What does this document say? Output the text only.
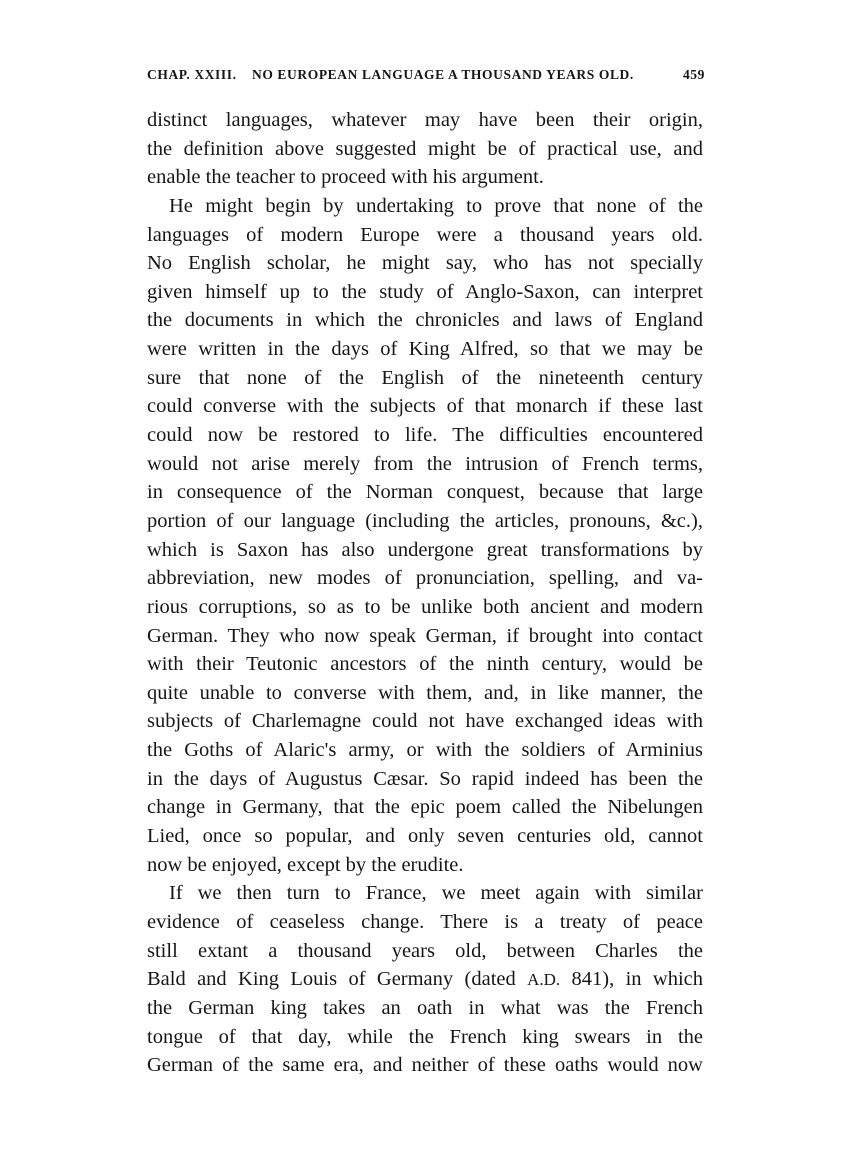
CHAP. XXIII. NO EUROPEAN LANGUAGE A THOUSAND YEARS OLD.	459
distinct languages, whatever may have been their origin,
the definition above suggested might be of practical use, and
enable the teacher to proceed with his argument.
He might begin by undertaking to prove that none of the
languages of modern Europe were a thousand years old.
No English scholar, he might say, who has not specially
given himself up to the study of Anglo-Saxon, can interpret
the documents in which the chronicles and laws of England
were written in the days of King Alfred, so that we may be
sure that none of the English of the nineteenth century
could converse with the subjects of that monarch if these last
could now be restored to life. The difficulties encountered
would not arise merely from the intrusion of French terms,
in consequence of the Norman conquest, because that large
portion of our language (including the articles, pronouns, &c.),
which is Saxon has also undergone great transformations by
abbreviation, new modes of pronunciation, spelling, and va-
rious corruptions, so as to be unlike both ancient and modern
German. They who now speak German, if brought into contact
with their Teutonic ancestors of the ninth century, would be
quite unable to converse with them, and, in like manner, the
subjects of Charlemagne could not have exchanged ideas with
the Goths of Alaric's army, or with the soldiers of Arminius
in the days of Augustus Cæsar. So rapid indeed has been the
change in Germany, that the epic poem called the Nibelungen
Lied, once so popular, and only seven centuries old, cannot
now be enjoyed, except by the erudite.
If we then turn to France, we meet again with similar
evidence of ceaseless change. There is a treaty of peace
still extant a thousand years old, between Charles the
Bald and King Louis of Germany (dated A.D. 841), in which
the German king takes an oath in what was the French
tongue of that day, while the French king swears in the
German of the same era, and neither of these oaths would now
